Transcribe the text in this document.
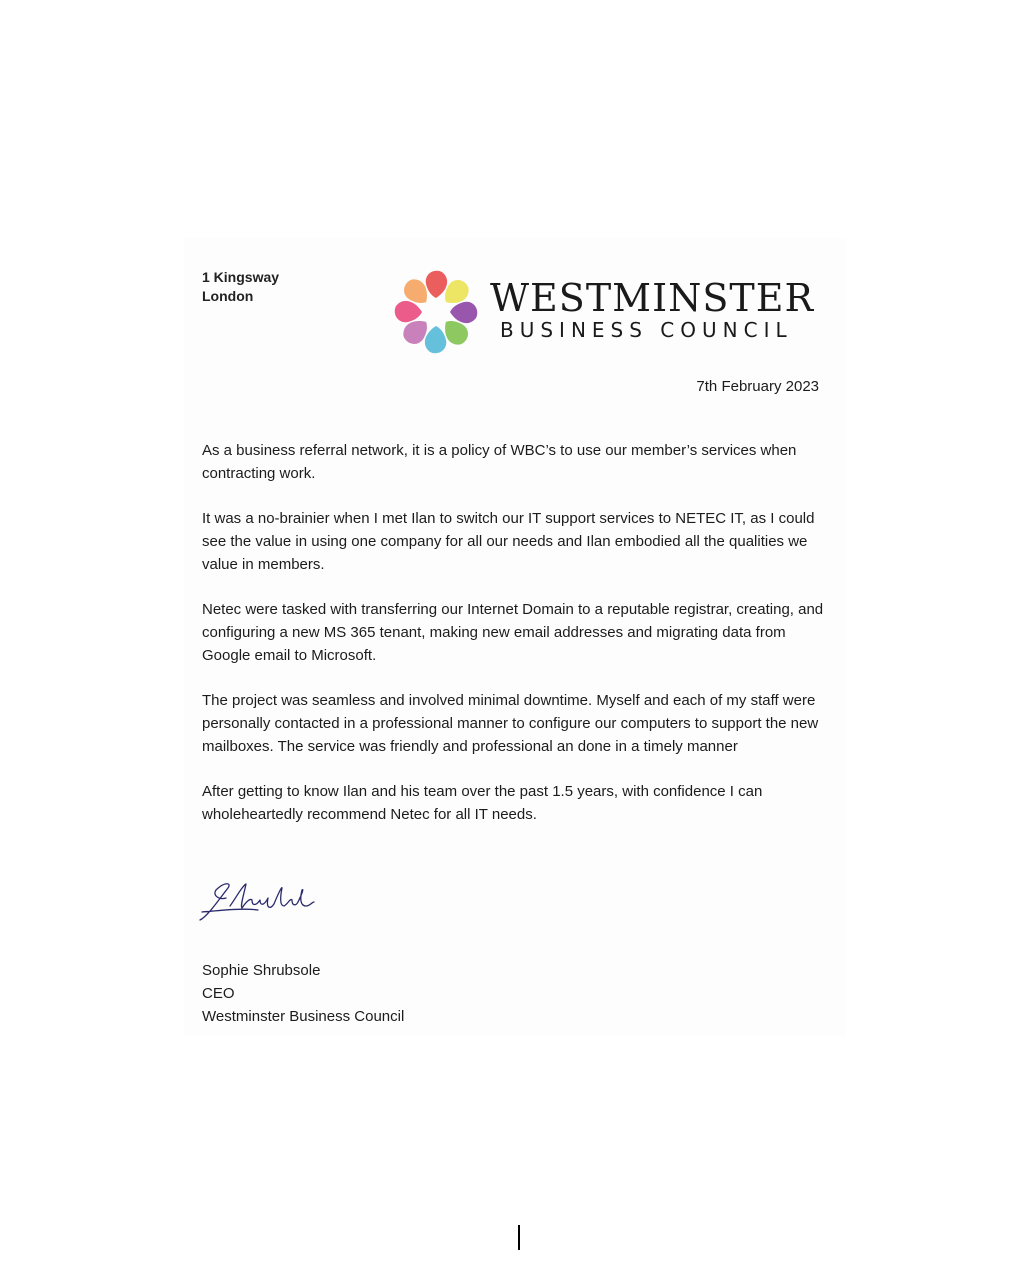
1 Kingsway
London	WESTMINSTER
BUSINESS COUNCIL
7th February 2023

As a business referral network, it is a policy of WBC’s to use our member’s services when contracting work.

It was a no-brainier when I met Ilan to switch our IT support services to NETEC IT, as I could see the value in using one company for all our needs and Ilan embodied all the qualities we value in members.

Netec were tasked with transferring our Internet Domain to a reputable registrar, creating, and configuring a new MS 365 tenant, making new email addresses and migrating data from Google email to Microsoft.

The project was seamless and involved minimal downtime. Myself and each of my staff were personally contacted in a professional manner to configure our computers to support the new mailboxes. The service was friendly and professional an done in a timely manner

After getting to know Ilan and his team over the past 1.5 years, with confidence I can wholeheartedly recommend Netec for all IT needs.

Sophie Shrubsole
CEO
Westminster Business Council
